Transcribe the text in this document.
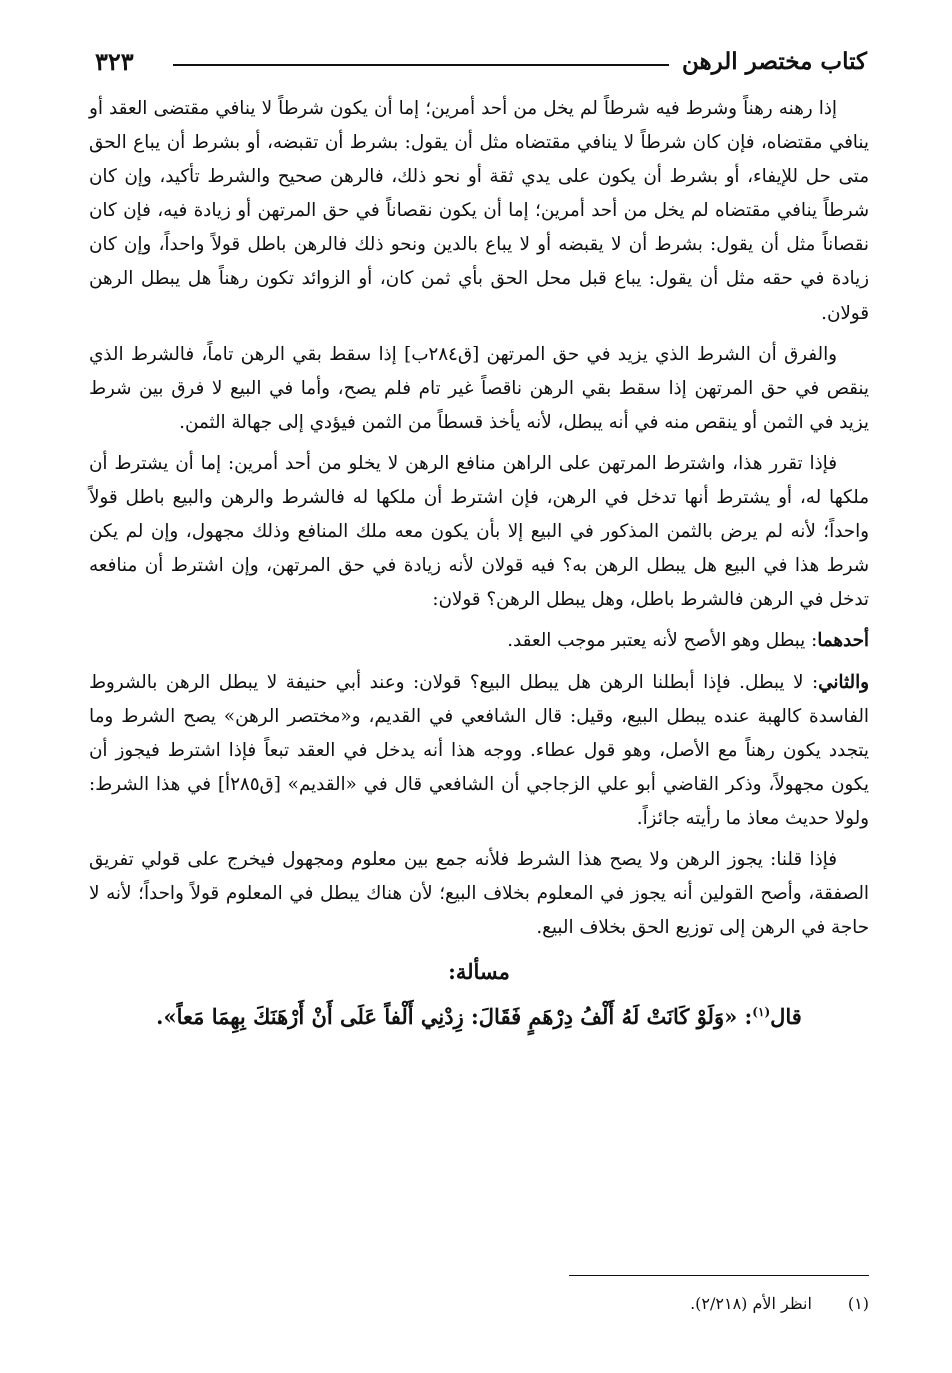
كتاب مختصر الرهن
٣٢٣

إذا رهنه رهناً وشرط فيه شرطاً لم يخل من أحد أمرين؛ إما أن يكون شرطاً لا ينافي مقتضى العقد أو ينافي مقتضاه، فإن كان شرطاً لا ينافي مقتضاه مثل أن يقول: بشرط أن تقبضه، أو بشرط أن يباع الحق متى حل للإيفاء، أو بشرط أن يكون على يدي ثقة أو نحو ذلك، فالرهن صحيح والشرط تأكيد، وإن كان شرطاً ينافي مقتضاه لم يخل من أحد أمرين؛ إما أن يكون نقصاناً في حق المرتهن أو زيادة فيه، فإن كان نقصاناً مثل أن يقول: بشرط أن لا يقبضه أو لا يباع بالدين ونحو ذلك فالرهن باطل قولاً واحداً، وإن كان زيادة في حقه مثل أن يقول: يباع قبل محل الحق بأي ثمن كان، أو الزوائد تكون رهناً هل يبطل الرهن قولان.

والفرق أن الشرط الذي يزيد في حق المرتهن [ق٢٨٤ب] إذا سقط بقي الرهن تاماً، فالشرط الذي ينقص في حق المرتهن إذا سقط بقي الرهن ناقصاً غير تام فلم يصح، وأما في البيع لا فرق بين شرط يزيد في الثمن أو ينقص منه في أنه يبطل، لأنه يأخذ قسطاً من الثمن فيؤدي إلى جهالة الثمن.

فإذا تقرر هذا، واشترط المرتهن على الراهن منافع الرهن لا يخلو من أحد أمرين: إما أن يشترط أن ملكها له، أو يشترط أنها تدخل في الرهن، فإن اشترط أن ملكها له فالشرط والرهن والبيع باطل قولاً واحداً؛ لأنه لم يرض بالثمن المذكور في البيع إلا بأن يكون معه ملك المنافع وذلك مجهول، وإن لم يكن شرط هذا في البيع هل يبطل الرهن به؟ فيه قولان لأنه زيادة في حق المرتهن، وإن اشترط أن منافعه تدخل في الرهن فالشرط باطل، وهل يبطل الرهن؟ قولان:

أحدهما: يبطل وهو الأصح لأنه يعتبر موجب العقد.

والثاني: لا يبطل. فإذا أبطلنا الرهن هل يبطل البيع؟ قولان: وعند أبي حنيفة لا يبطل الرهن بالشروط الفاسدة كالهبة عنده يبطل البيع، وقيل: قال الشافعي في القديم، و«مختصر الرهن» يصح الشرط وما يتجدد يكون رهناً مع الأصل، وهو قول عطاء. ووجه هذا أنه يدخل في العقد تبعاً فإذا اشترط فيجوز أن يكون مجهولاً، وذكر القاضي أبو علي الزجاجي أن الشافعي قال في «القديم» [ق٢٨٥أ] في هذا الشرط: ولولا حديث معاذ ما رأيته جائزاً.

فإذا قلنا: يجوز الرهن ولا يصح هذا الشرط فلأنه جمع بين معلوم ومجهول فيخرج على قولي تفريق الصفقة، وأصح القولين أنه يجوز في المعلوم بخلاف البيع؛ لأن هناك يبطل في المعلوم قولاً واحداً؛ لأنه لا حاجة في الرهن إلى توزيع الحق بخلاف البيع.

مسألة:

قال$^{(١)}$: «وَلَوْ كَانَتْ لَهُ أَلْفُ دِرْهَمٍ فَقَالَ: زِدْنِي أَلْفاً عَلَى أَنْ أَرْهَنَكَ بِهِمَا مَعاً».

(١)انظر الأم (٢/٢١٨).
